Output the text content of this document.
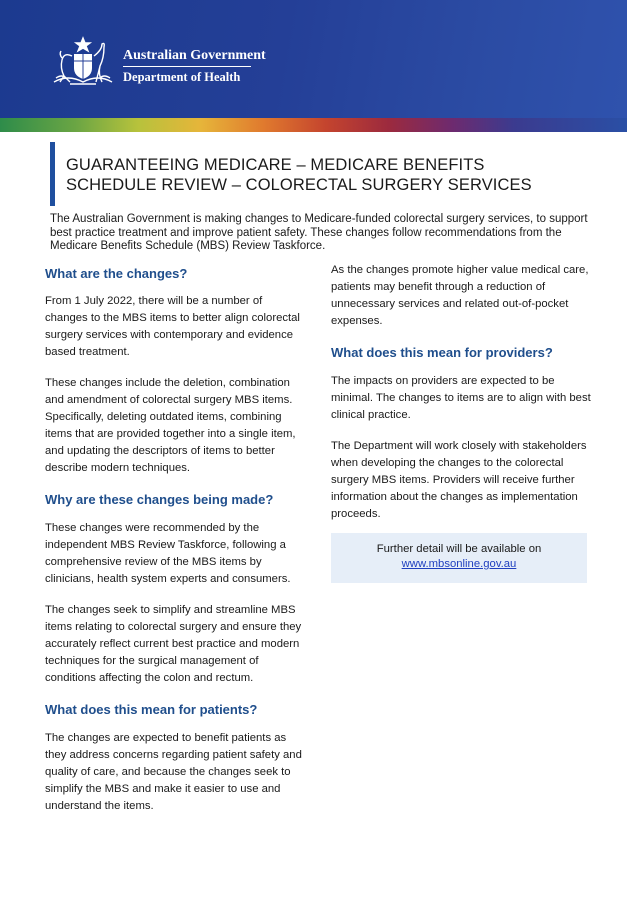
Australian Government
Department of Health
GUARANTEEING MEDICARE – MEDICARE BENEFITS
SCHEDULE REVIEW – COLORECTAL SURGERY SERVICES

The Australian Government is making changes to Medicare-funded colorectal surgery services, to support best practice treatment and improve patient safety. These changes follow recommendations from the Medicare Benefits Schedule (MBS) Review Taskforce.

What are the changes?

From 1 July 2022, there will be a number of changes to the MBS items to better align colorectal surgery services with contemporary and evidence based treatment.

These changes include the deletion, combination and amendment of colorectal surgery MBS items. Specifically, deleting outdated items, combining items that are provided together into a single item, and updating the descriptors of items to better describe modern techniques.

Why are these changes being made?

These changes were recommended by the independent MBS Review Taskforce, following a comprehensive review of the MBS items by clinicians, health system experts and consumers.

The changes seek to simplify and streamline MBS items relating to colorectal surgery and ensure they accurately reflect current best practice and modern techniques for the surgical management of conditions affecting the colon and rectum.

What does this mean for patients?

The changes are expected to benefit patients as they address concerns regarding patient safety and quality of care, and because the changes seek to simplify the MBS and make it easier to use and understand the items.

As the changes promote higher value medical care, patients may benefit through a reduction of unnecessary services and related out-of-pocket expenses.

What does this mean for providers?

The impacts on providers are expected to be minimal. The changes to items are to align with best clinical practice.

The Department will work closely with stakeholders when developing the changes to the colorectal surgery MBS items. Providers will receive further information about the changes as implementation proceeds.

Further detail will be available on
www.mbsonline.gov.au
